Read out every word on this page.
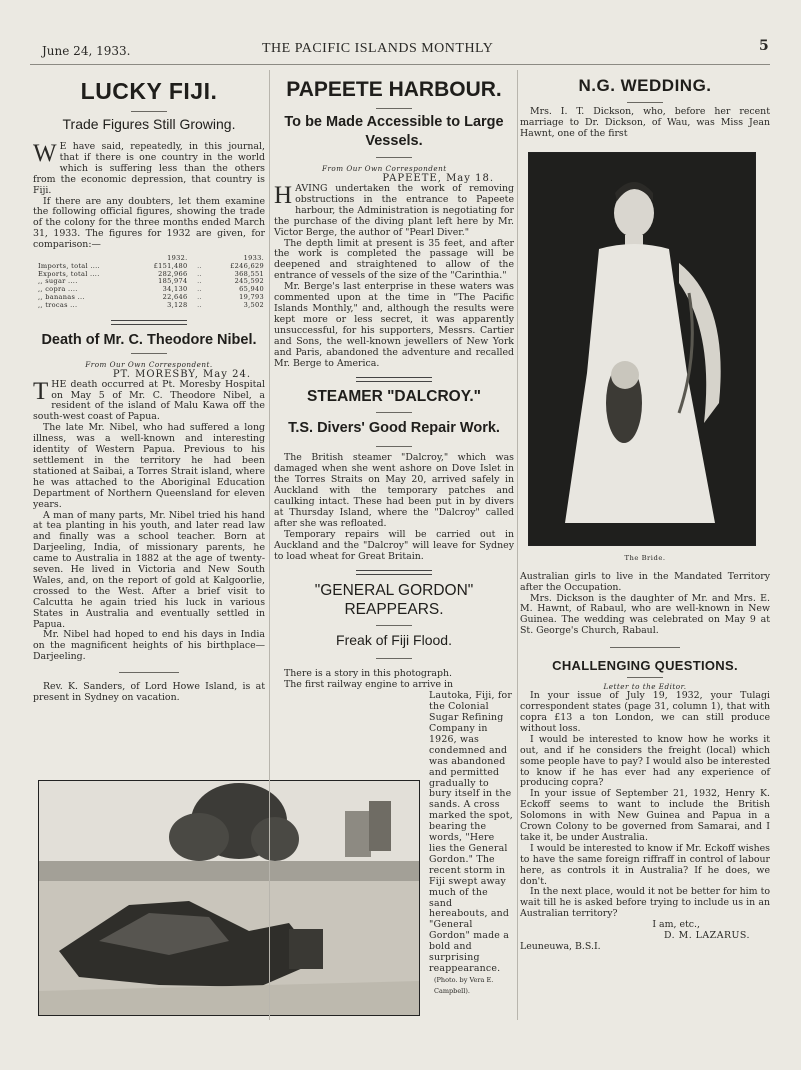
June 24, 1933.	THE PACIFIC ISLANDS MONTHLY	5
LUCKY FIJI.
Trade Figures Still Growing.

W E have said, repeatedly, in this journal, that if there is one country in the world which is suffering less than the others from the economic depression, that country is Fiji.

If there are any doubters, let them examine the following official figures, showing the trade of the colony for the three months ended March 31, 1933. The figures for 1932 are given, for comparison:—

	1932.		1933.
Imports, total ....	£151,480	..	£246,629
Exports, total ....	282,966	..	368,551
,, sugar ....	185,974	..	245,592
,, copra ....	34,130	..	65,940
,, bananas ...	22,646	..	19,793
,, trocas ...	3,128	..	3,502
Death of Mr. C. Theodore Nibel.

From Our Own Correspondent.

PT. MORESBY, May 24.

THE death occurred at Pt. Moresby Hospital on May 5 of Mr. C. Theodore Nibel, a resident of the island of Malu Kawa off the south-west coast of Papua.

The late Mr. Nibel, who had suffered a long illness, was a well-known and interesting identity of Western Papua. Previous to his settlement in the territory he had been stationed at Saibai, a Torres Strait island, where he was attached to the Aboriginal Education Department of Northern Queensland for eleven years.

A man of many parts, Mr. Nibel tried his hand at tea planting in his youth, and later read law and finally was a school teacher. Born at Darjeeling, India, of missionary parents, he came to Australia in 1882 at the age of twenty-seven. He lived in Victoria and New South Wales, and, on the report of gold at Kalgoorlie, crossed to the West. After a brief visit to Calcutta he again tried his luck in various States in Australia and eventually settled in Papua.

Mr. Nibel had hoped to end his days in India on the magnificent heights of his birthplace—Darjeeling.

Rev. K. Sanders, of Lord Howe Island, is at present in Sydney on vacation.

PAPEETE HARBOUR.
To be Made Accessible to Large Vessels.

From Our Own Correspondent

PAPEETE, May 18.

HAVING undertaken the work of removing obstructions in the entrance to Papeete harbour, the Administration is negotiating for the purchase of the diving plant left here by Mr. Victor Berge, the author of "Pearl Diver."

The depth limit at present is 35 feet, and after the work is completed the passage will be deepened and straightened to allow of the entrance of vessels of the size of the "Carinthia."

Mr. Berge's last enterprise in these waters was commented upon at the time in "The Pacific Islands Monthly," and, although the results were kept more or less secret, it was apparently unsuccessful, for his supporters, Messrs. Cartier and Sons, the well-known jewellers of New York and Paris, abandoned the adventure and recalled Mr. Berge to America.

STEAMER "DALCROY."
T.S. Divers' Good Repair Work.

The British steamer "Dalcroy," which was damaged when she went ashore on Dove Islet in the Torres Straits on May 20, arrived safely in Auckland with the temporary patches and caulking intact. These had been put in by divers at Thursday Island, where the "Dalcroy" called after she was refloated.

Temporary repairs will be carried out in Auckland and the "Dalcroy" will leave for Sydney to load wheat for Great Britain.

"GENERAL GORDON" REAPPEARS.
Freak of Fiji Flood.

There is a story in this photograph.

The first railway engine to arrive in

Lautoka, Fiji, for the Colonial Sugar Refining Company in 1926, was condemned and was abandoned and permitted gradually to bury itself in the sands. A cross marked the spot, bearing the words, "Here lies the General Gordon." The recent storm in Fiji swept away much of the sand hereabouts, and "General Gordon" made a bold and surprising reappearance.

(Photo. by Vera E. Campbell).

N.G. WEDDING.

Mrs. I. T. Dickson, who, before her recent marriage to Dr. Dickson, of Wau, was Miss Jean Hawnt, one of the first

The Bride.

Australian girls to live in the Mandated Territory after the Occupation.

Mrs. Dickson is the daughter of Mr. and Mrs. E. M. Hawnt, of Rabaul, who are well-known in New Guinea. The wedding was celebrated on May 9 at St. George's Church, Rabaul.

CHALLENGING QUESTIONS.

Letter to the Editor.

In your issue of July 19, 1932, your Tulagi correspondent states (page 31, column 1), that with copra £13 a ton London, we can still produce without loss.

I would be interested to know how he works it out, and if he considers the freight (local) which some people have to pay? I would also be interested to know if he has ever had any experience of producing copra?

In your issue of September 21, 1932, Henry K. Eckoff seems to want to include the British Solomons in with New Guinea and Papua in a Crown Colony to be governed from Samarai, and I take it, be under Australia.

I would be interested to know if Mr. Eckoff wishes to have the same foreign riffraff in control of labour here, as controls it in Australia? If he does, we don't.

In the next place, would it not be better for him to wait till he is asked before trying to include us in an Australian territory?

I am, etc.,

D. M. LAZARUS.

Leuneuwa, B.S.I.
